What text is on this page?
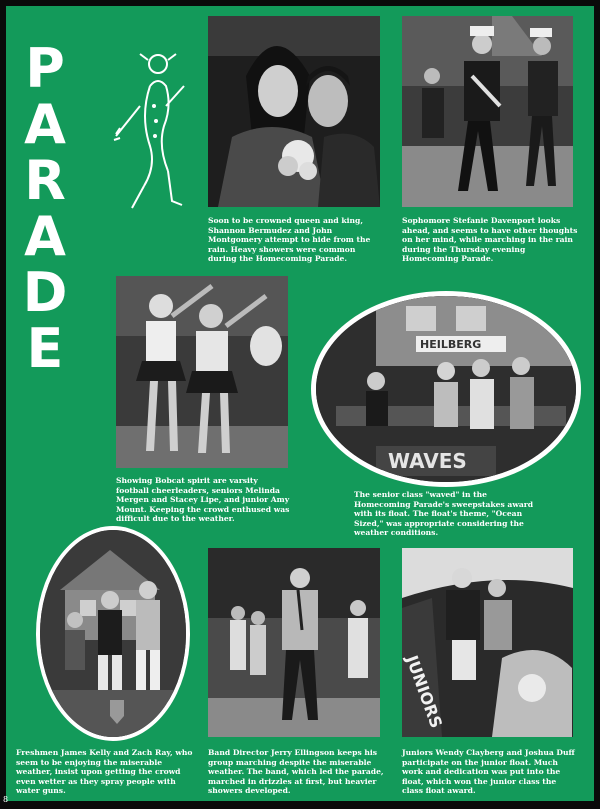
P
A
R
A
D
E
Soon to be crowned queen and king, Shannon Bermudez and John Montgomery attempt to hide from the rain. Heavy showers were common during the Homecoming Parade.
Sophomore Stefanie Davenport looks ahead, and seems to have other thoughts on her mind, while marching in the rain during the Thursday evening Homecoming Parade.
HEILBERG
WAVES
Showing Bobcat spirit are varsity football cheerleaders, seniors Melinda Mergen and Stacey Lipe, and junior Amy Mount. Keeping the crowd enthused was difficult due to the weather.
The senior class "waved" in the Homecoming Parade's sweepstakes award with its float. The float's theme, "Ocean Sized," was appropriate considering the weather conditions.
JUNIORS
Freshmen James Kelly and Zach Ray, who seem to be enjoying the miserable weather, insist upon getting the crowd even wetter as they spray people with water guns.
Band Director Jerry Ellingson keeps his group marching despite the miserable weather. The band, which led the parade, marched in drizzles at first, but heavier showers developed.
Juniors Wendy Clayberg and Joshua Duff participate on the junior float. Much work and dedication was put into the float, which won the junior class the class float award.
8
